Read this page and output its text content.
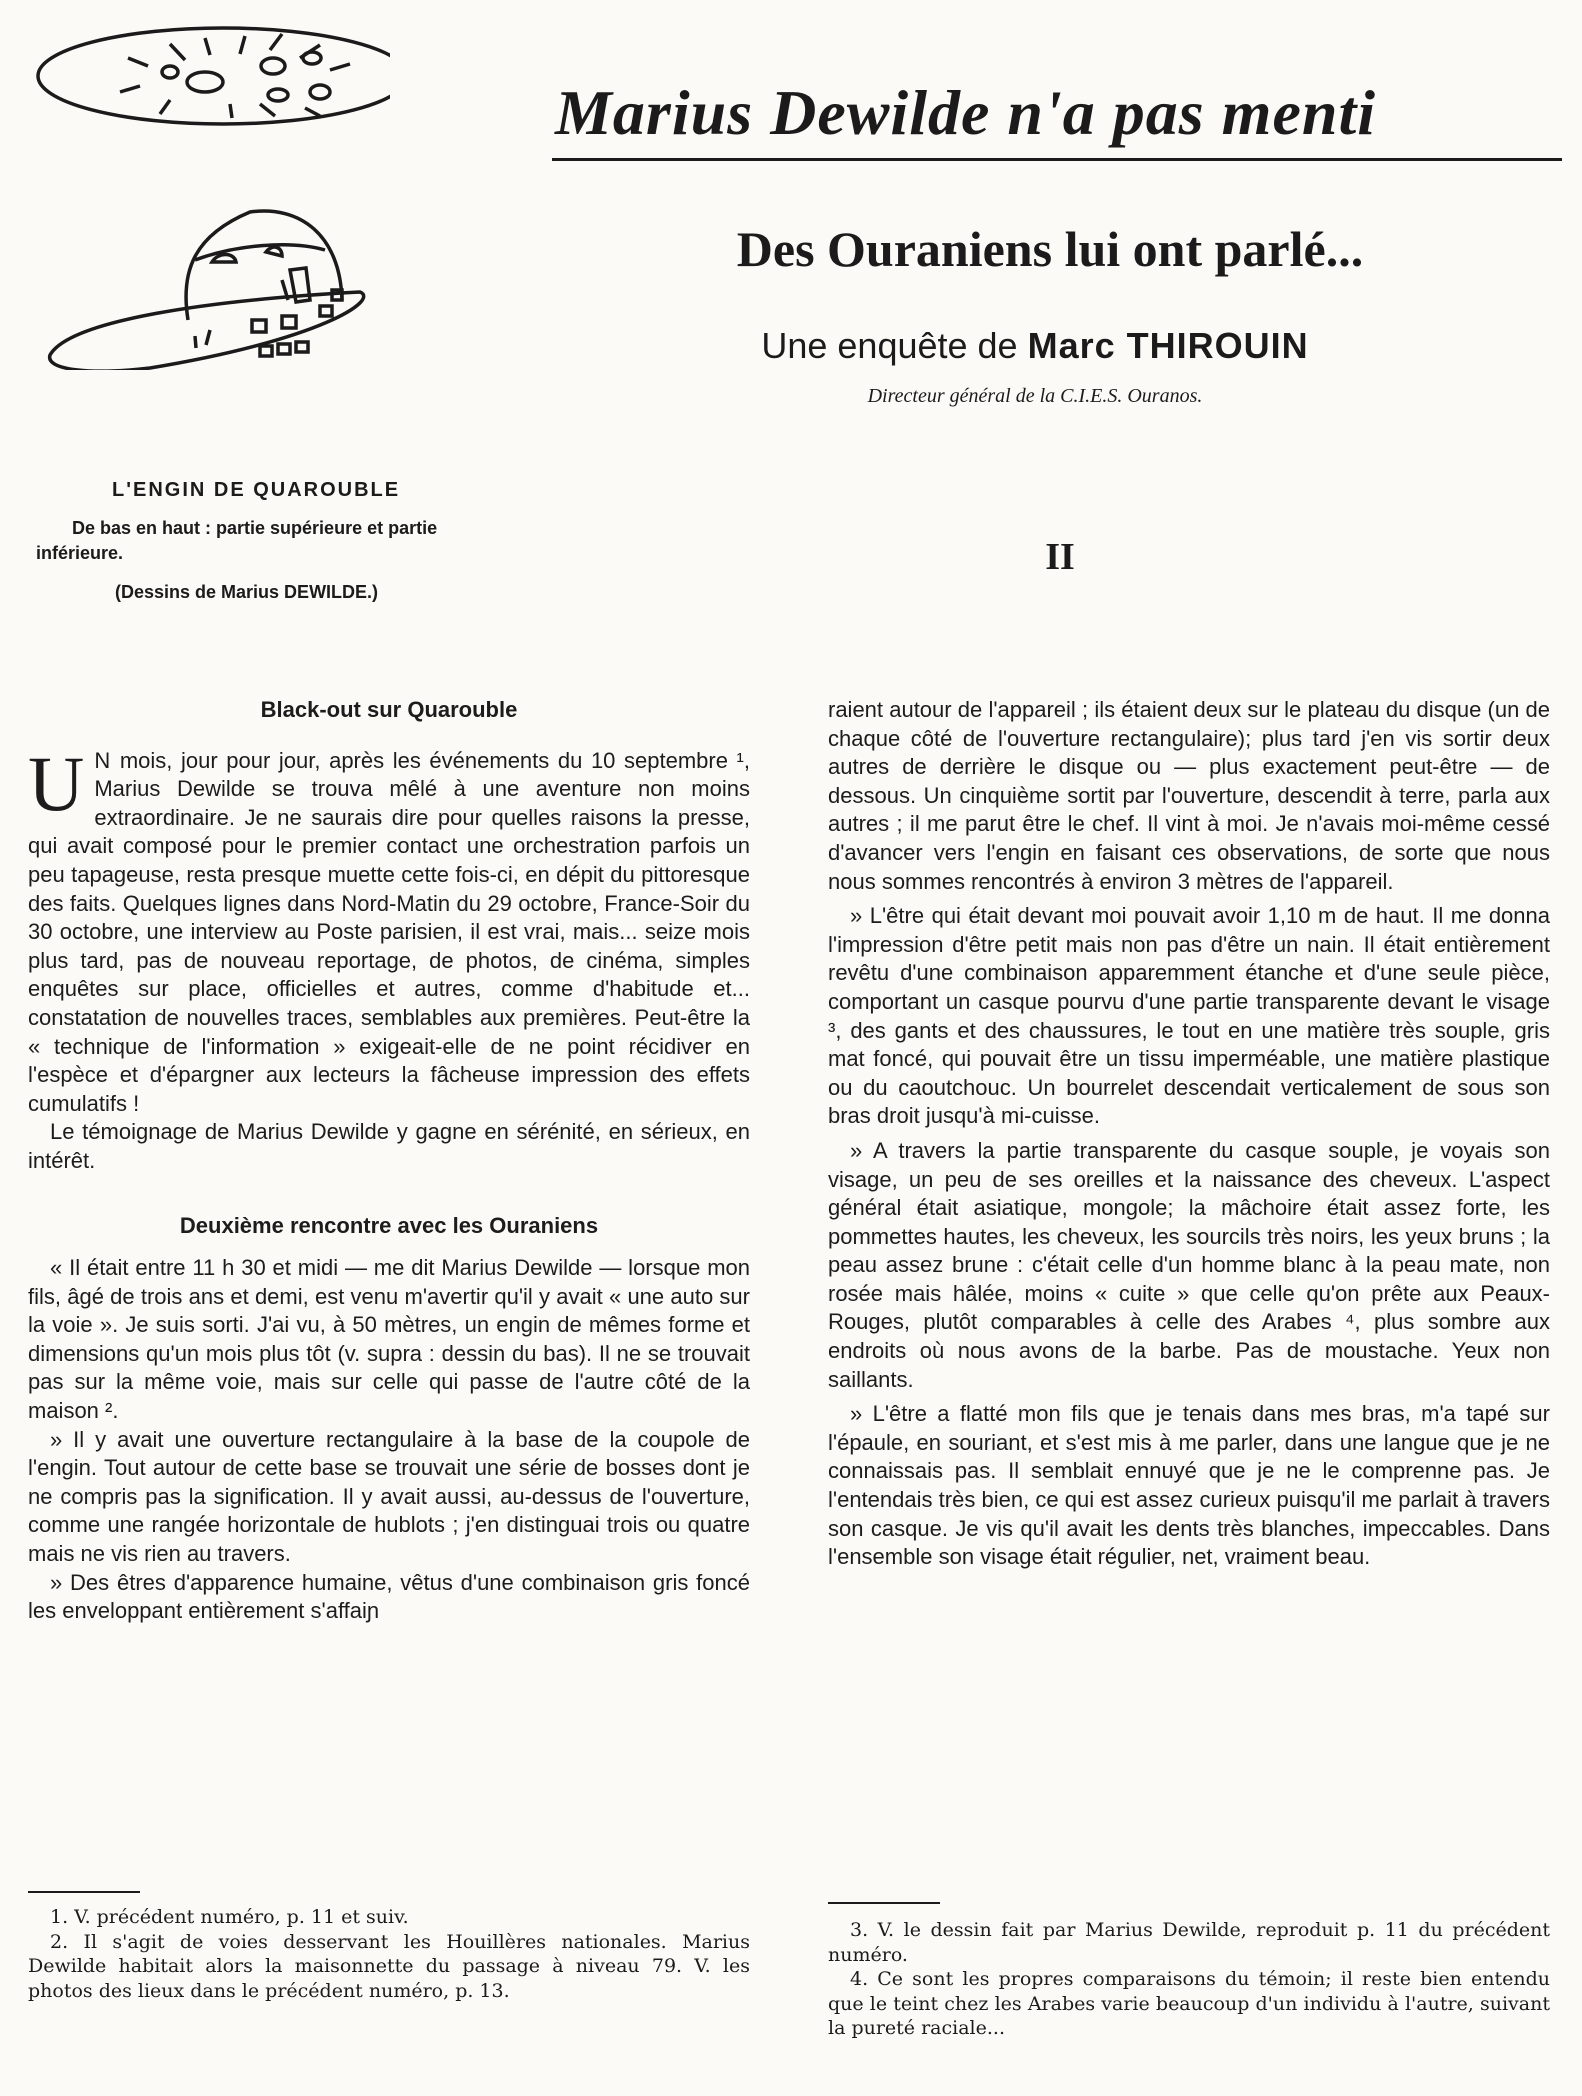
Marius Dewilde n'a pas menti
Des Ouraniens lui ont parlé...
Une enquête de Marc THIROUIN
Directeur général de la C.I.E.S. Ouranos.
II
L'ENGIN DE QUAROUBLE
De bas en haut : partie supérieure et partie inférieure.
(Dessins de Marius DEWILDE.)

Black-out sur Quarouble

U N mois, jour pour jour, après les événements du 10 septembre ¹, Marius Dewilde se trouva mêlé à une aventure non moins extraordinaire. Je ne saurais dire pour quelles raisons la presse, qui avait composé pour le premier contact une orchestration parfois un peu tapageuse, resta presque muette cette fois-ci, en dépit du pittoresque des faits. Quelques lignes dans Nord-Matin du 29 octobre, France-Soir du 30 octobre, une interview au Poste parisien, il est vrai, mais... seize mois plus tard, pas de nouveau reportage, de photos, de cinéma, simples enquêtes sur place, officielles et autres, comme d'habitude et... constatation de nouvelles traces, semblables aux premières. Peut-être la « technique de l'information » exigeait-elle de ne point récidiver en l'espèce et d'épargner aux lecteurs la fâcheuse impression des effets cumulatifs !

Le témoignage de Marius Dewilde y gagne en sérénité, en sérieux, en intérêt.

Deuxième rencontre avec les Ouraniens

« Il était entre 11 h 30 et midi — me dit Marius Dewilde — lorsque mon fils, âgé de trois ans et demi, est venu m'avertir qu'il y avait « une auto sur la voie ». Je suis sorti. J'ai vu, à 50 mètres, un engin de mêmes forme et dimensions qu'un mois plus tôt (v. supra : dessin du bas). Il ne se trouvait pas sur la même voie, mais sur celle qui passe de l'autre côté de la maison ².

» Il y avait une ouverture rectangulaire à la base de la coupole de l'engin. Tout autour de cette base se trouvait une série de bosses dont je ne compris pas la signification. Il y avait aussi, au-dessus de l'ouverture, comme une rangée horizontale de hublots ; j'en distinguai trois ou quatre mais ne vis rien au travers.

» Des êtres d'apparence humaine, vêtus d'une combinaison gris foncé les enveloppant entièrement s'affaiɲ

raient autour de l'appareil ; ils étaient deux sur le plateau du disque (un de chaque côté de l'ouverture rectangulaire); plus tard j'en vis sortir deux autres de derrière le disque ou — plus exactement peut-être — de dessous. Un cinquième sortit par l'ouverture, descendit à terre, parla aux autres ; il me parut être le chef. Il vint à moi. Je n'avais moi-même cessé d'avancer vers l'engin en faisant ces observations, de sorte que nous nous sommes rencontrés à environ 3 mètres de l'appareil.

» L'être qui était devant moi pouvait avoir 1,10 m de haut. Il me donna l'impression d'être petit mais non pas d'être un nain. Il était entièrement revêtu d'une combinaison apparemment étanche et d'une seule pièce, comportant un casque pourvu d'une partie transparente devant le visage ³, des gants et des chaussures, le tout en une matière très souple, gris mat foncé, qui pouvait être un tissu imperméable, une matière plastique ou du caoutchouc. Un bourrelet descendait verticalement de sous son bras droit jusqu'à mi-cuisse.

» A travers la partie transparente du casque souple, je voyais son visage, un peu de ses oreilles et la naissance des cheveux. L'aspect général était asiatique, mongole; la mâchoire était assez forte, les pommettes hautes, les cheveux, les sourcils très noirs, les yeux bruns ; la peau assez brune : c'était celle d'un homme blanc à la peau mate, non rosée mais hâlée, moins « cuite » que celle qu'on prête aux Peaux-Rouges, plutôt comparables à celle des Arabes ⁴, plus sombre aux endroits où nous avons de la barbe. Pas de moustache. Yeux non saillants.

» L'être a flatté mon fils que je tenais dans mes bras, m'a tapé sur l'épaule, en souriant, et s'est mis à me parler, dans une langue que je ne connaissais pas. Il semblait ennuyé que je ne le comprenne pas. Je l'entendais très bien, ce qui est assez curieux puisqu'il me parlait à travers son casque. Je vis qu'il avait les dents très blanches, impeccables. Dans l'ensemble son visage était régulier, net, vraiment beau.

1. V. précédent numéro, p. 11 et suiv.

2. Il s'agit de voies desservant les Houillères nationales. Marius Dewilde habitait alors la maisonnette du passage à niveau 79. V. les photos des lieux dans le précédent numéro, p. 13.

3. V. le dessin fait par Marius Dewilde, reproduit p. 11 du précédent numéro.

4. Ce sont les propres comparaisons du témoin; il reste bien entendu que le teint chez les Arabes varie beaucoup d'un individu à l'autre, suivant la pureté raciale...
